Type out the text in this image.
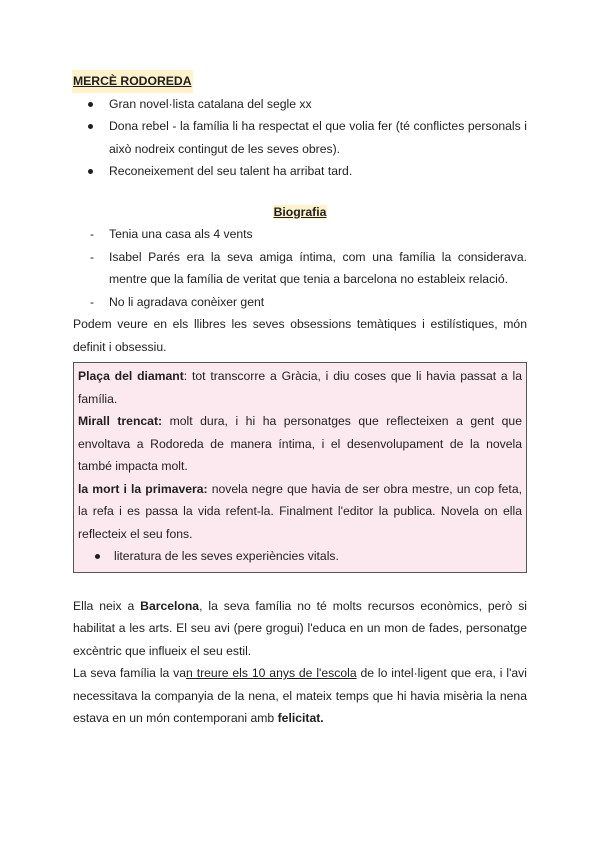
MERCÈ RODOREDA
Gran novel·lista catalana del segle xx
Dona rebel - la família li ha respectat el que volia fer (té conflictes personals i això nodreix contingut de les seves obres).
Reconeixement del seu talent ha arribat tard.
Biografia
- Tenia una casa als 4 vents
- Isabel Parés era la seva amiga íntima, com una família la considerava. mentre que la família de veritat que tenia a barcelona no estableix relació.
- No li agradava conèixer gent

Podem veure en els llibres les seves obsessions temàtiques i estilístiques, món definit i obsessiu.

Plaça del diamant: tot transcorre a Gràcia, i diu coses que li havia passat a la família.

Mirall trencat: molt dura, i hi ha personatges que reflecteixen a gent que envoltava a Rodoreda de manera íntima, i el desenvolupament de la novela també impacta molt.

la mort i la primavera: novela negre que havia de ser obra mestre, un cop feta, la refa i es passa la vida refent-la. Finalment l'editor la publica. Novela on ella reflecteix el seu fons.

literatura de les seves experiències vitals.

Ella neix a Barcelona, la seva família no té molts recursos econòmics, però si habilitat a les arts. El seu avi (pere grogui) l'educa en un mon de fades, personatge excèntric que influeix el seu estil.

La seva família la van treure els 10 anys de l'escola de lo intel·ligent que era, i l'avi necessitava la companyia de la nena, el mateix temps que hi havia misèria la nena estava en un món contemporani amb felicitat.
